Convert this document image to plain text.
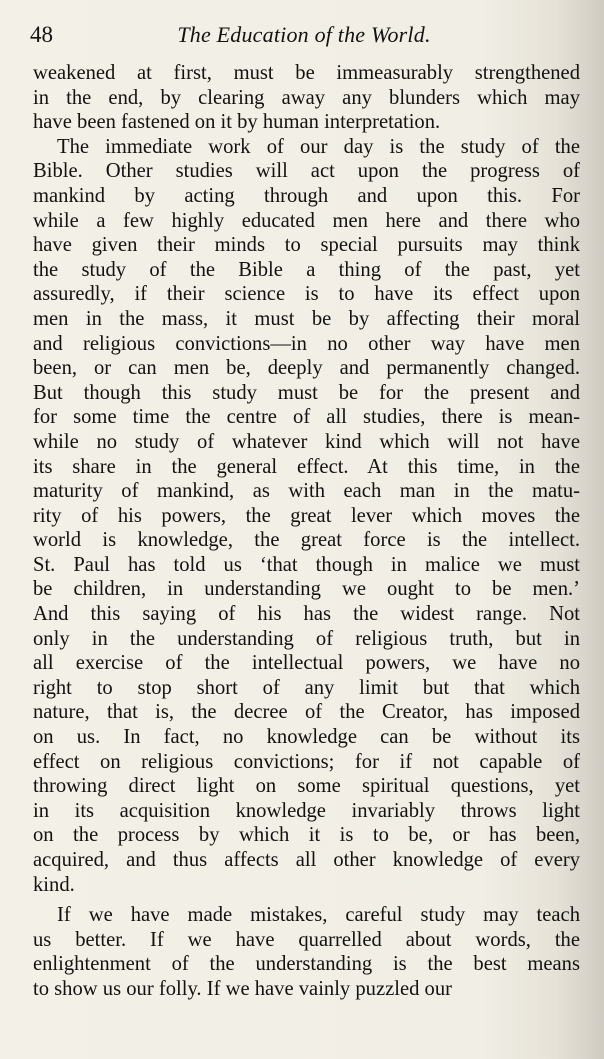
48	The Education of the World.
weakened at first, must be immeasurably strengthened
in the end, by clearing away any blunders which may
have been fastened on it by human interpretation.
The immediate work of our day is the study of the
Bible. Other studies will act upon the progress of
mankind by acting through and upon this. For
while a few highly educated men here and there who
have given their minds to special pursuits may think
the study of the Bible a thing of the past, yet
assuredly, if their science is to have its effect upon
men in the mass, it must be by affecting their moral
and religious convictions—in no other way have men
been, or can men be, deeply and permanently changed.
But though this study must be for the present and
for some time the centre of all studies, there is mean-
while no study of whatever kind which will not have
its share in the general effect. At this time, in the
maturity of mankind, as with each man in the matu-
rity of his powers, the great lever which moves the
world is knowledge, the great force is the intellect.
St. Paul has told us ‘that though in malice we must
be children, in understanding we ought to be men.’
And this saying of his has the widest range. Not
only in the understanding of religious truth, but in
all exercise of the intellectual powers, we have no
right to stop short of any limit but that which
nature, that is, the decree of the Creator, has imposed
on us. In fact, no knowledge can be without its
effect on religious convictions; for if not capable of
throwing direct light on some spiritual questions, yet
in its acquisition knowledge invariably throws light
on the process by which it is to be, or has been,
acquired, and thus affects all other knowledge of every
kind.
If we have made mistakes, careful study may teach
us better. If we have quarrelled about words, the
enlightenment of the understanding is the best means
to show us our folly. If we have vainly puzzled our
